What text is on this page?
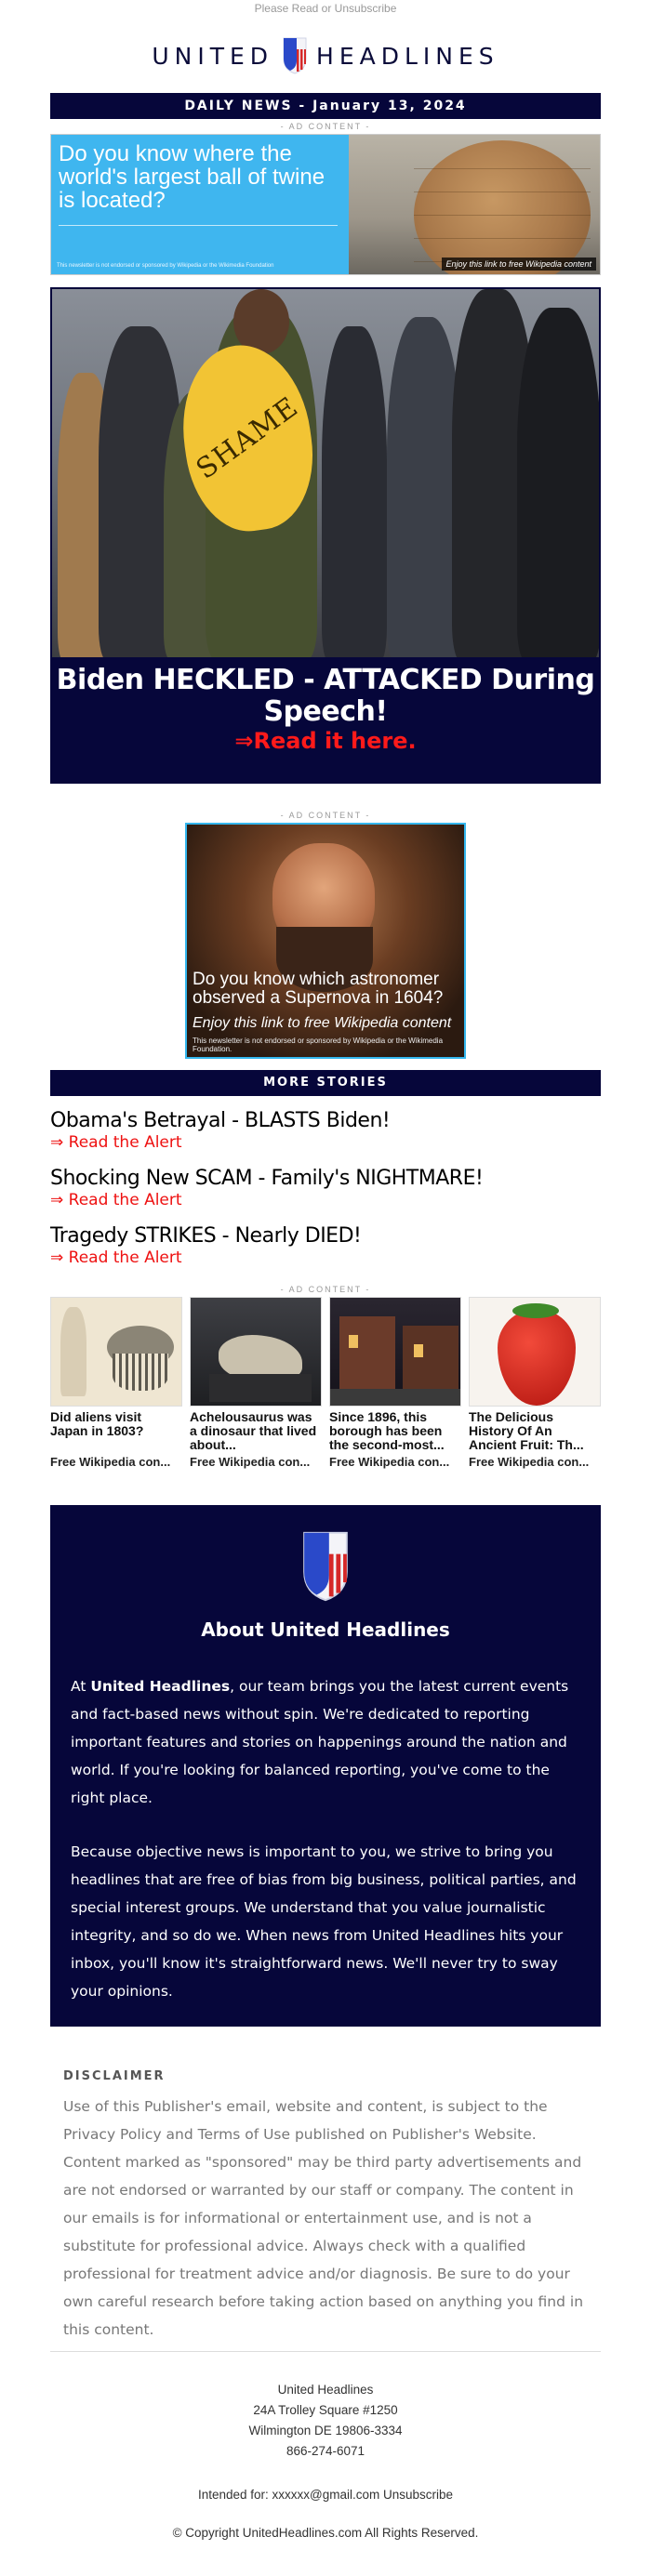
Please Read or Unsubscribe
UNITED HEADLINES
DAILY NEWS - January 13, 2024
- AD CONTENT -
Do you know where the world's largest ball of twine is located?
This newsletter is not endorsed or sponsored by Wikipedia or the Wikimedia Foundation	Enjoy this link to free Wikipedia content
SHAME
Biden HECKLED - ATTACKED During Speech!
⇒Read it here.
- AD CONTENT -
Do you know which astronomer observed a Supernova in 1604?
Enjoy this link to free Wikipedia content
This newsletter is not endorsed or sponsored by Wikipedia or the Wikimedia Foundation.
MORE STORIES
Obama's Betrayal - BLASTS Biden!
⇒ Read the Alert
Shocking New SCAM - Family's NIGHTMARE!
⇒ Read the Alert
Tragedy STRIKES - Nearly DIED!
⇒ Read the Alert
- AD CONTENT -
Did aliens visit Japan in 1803?
Free Wikipedia con...
Achelousaurus was a dinosaur that lived about...
Free Wikipedia con...
Since 1896, this borough has been the second-most...
Free Wikipedia con...
The Delicious History Of An Ancient Fruit: Th...
Free Wikipedia con...
About United Headlines

At United Headlines, our team brings you the latest current events and fact-based news without spin. We're dedicated to reporting important features and stories on happenings around the nation and world. If you're looking for balanced reporting, you've come to the right place.

Because objective news is important to you, we strive to bring you headlines that are free of bias from big business, political parties, and special interest groups. We understand that you value journalistic integrity, and so do we. When news from United Headlines hits your inbox, you'll know it's straightforward news. We'll never try to sway your opinions.

DISCLAIMER

Use of this Publisher's email, website and content, is subject to the Privacy Policy and Terms of Use published on Publisher's Website. Content marked as "sponsored" may be third party advertisements and are not endorsed or warranted by our staff or company. The content in our emails is for informational or entertainment use, and is not a substitute for professional advice. Always check with a qualified professional for treatment advice and/or diagnosis. Be sure to do your own careful research before taking action based on anything you find in this content.

United Headlines
24A Trolley Square #1250
Wilmington DE 19806-3334
866-274-6071
Intended for: xxxxxx@gmail.com Unsubscribe
© Copyright UnitedHeadlines.com All Rights Reserved.
